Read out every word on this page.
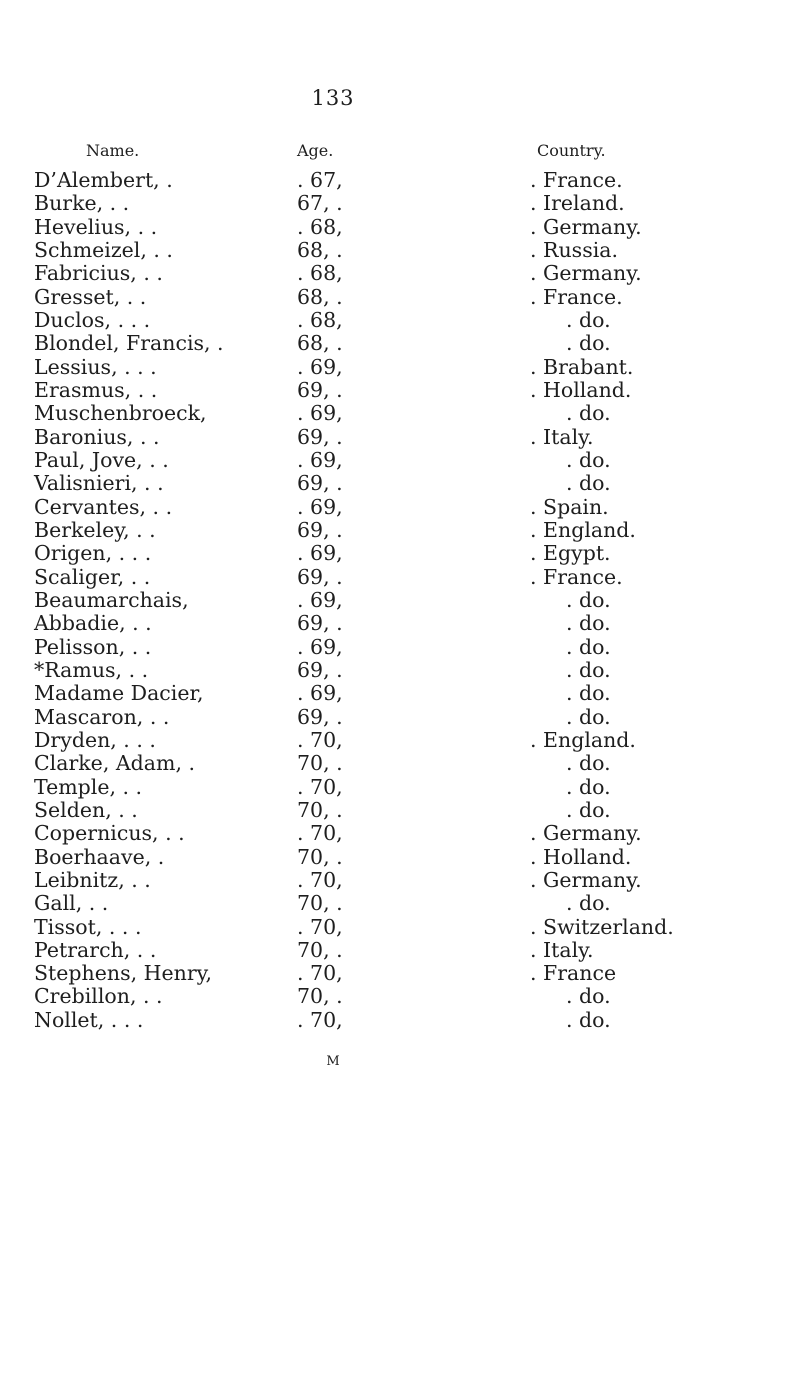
133
Name.	Age.	Country.
D’Alembert, .	. 67,	. France.
Burke, . .	67, .	. Ireland.
Hevelius, . .	. 68,	. Germany.
Schmeizel, . .	68, .	. Russia.
Fabricius, . .	. 68,	. Germany.
Gresset, . .	68, .	. France.
Duclos, . . .	. 68,	. do.
Blondel, Francis, .	68, .	. do.
Lessius, . . .	. 69,	. Brabant.
Erasmus, . .	69, .	. Holland.
Muschenbroeck,	. 69,	. do.
Baronius, . .	69, .	. Italy.
Paul, Jove, . .	. 69,	. do.
Valisnieri, . .	69, .	. do.
Cervantes, . .	. 69,	. Spain.
Berkeley, . .	69, .	. England.
Origen, . . .	. 69,	. Egypt.
Scaliger, . .	69, .	. France.
Beaumarchais,	. 69,	. do.
Abbadie, . .	69, .	. do.
Pelisson, . .	. 69,	. do.
*Ramus, . .	69, .	. do.
Madame Dacier,	. 69,	. do.
Mascaron, . .	69, .	. do.
Dryden, . . .	. 70,	. England.
Clarke, Adam, .	70, .	. do.
Temple, . .	. 70,	. do.
Selden, . .	70, .	. do.
Copernicus, . .	. 70,	. Germany.
Boerhaave, .	70, .	. Holland.
Leibnitz, . .	. 70,	. Germany.
Gall, . .	70, .	. do.
Tissot, . . .	. 70,	. Switzerland.
Petrarch, . .	70, .	. Italy.
Stephens, Henry,	. 70,	. France
Crebillon, . .	70, .	. do.
Nollet, . . .	. 70,	. do.
M
